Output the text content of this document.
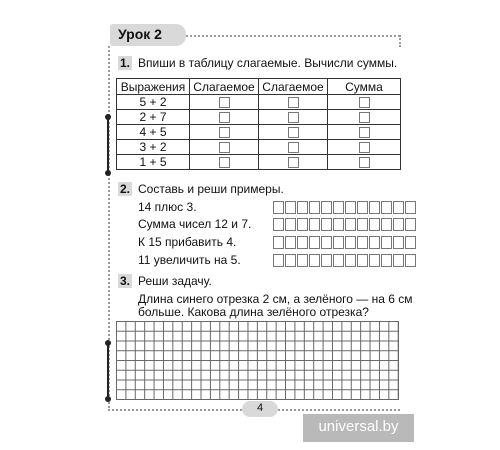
Урок 2
4
1. Впиши в таблицу слагаемые. Вычисли суммы.
Выражения	Слагаемое	Слагаемое	Сумма
5 + 2			
2 + 7			
4 + 5			
3 + 2			
1 + 5			
2. Составь и реши примеры.
14 плюс 3.
Сумма чисел 12 и 7.
К 15 прибавить 4.
11 увеличить на 5.
3. Реши задачу.
Длина синего отрезка 2 см, а зелёного — на 6 см
больше. Какова длина зелёного отрезка?
universal.by
